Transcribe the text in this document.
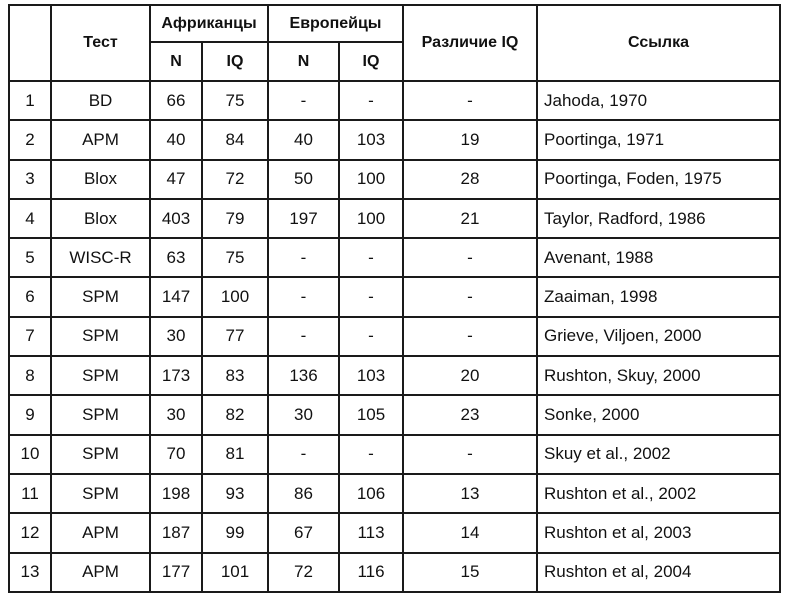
	Тест	Африканцы		Европейцы		Различие IQ	Ссылка
		N	IQ	N	IQ		
1	BD	66	75	-	-	-	Jahoda, 1970
2	APM	40	84	40	103	19	Poortinga, 1971
3	Blox	47	72	50	100	28	Poortinga, Foden, 1975
4	Blox	403	79	197	100	21	Taylor, Radford, 1986
5	WISC-R	63	75	-	-	-	Avenant, 1988
6	SPM	147	100	-	-	-	Zaaiman, 1998
7	SPM	30	77	-	-	-	Grieve, Viljoen, 2000
8	SPM	173	83	136	103	20	Rushton, Skuy, 2000
9	SPM	30	82	30	105	23	Sonke, 2000
10	SPM	70	81	-	-	-	Skuy et al., 2002
11	SPM	198	93	86	106	13	Rushton et al., 2002
12	APM	187	99	67	113	14	Rushton et al, 2003
13	APM	177	101	72	116	15	Rushton et al, 2004
